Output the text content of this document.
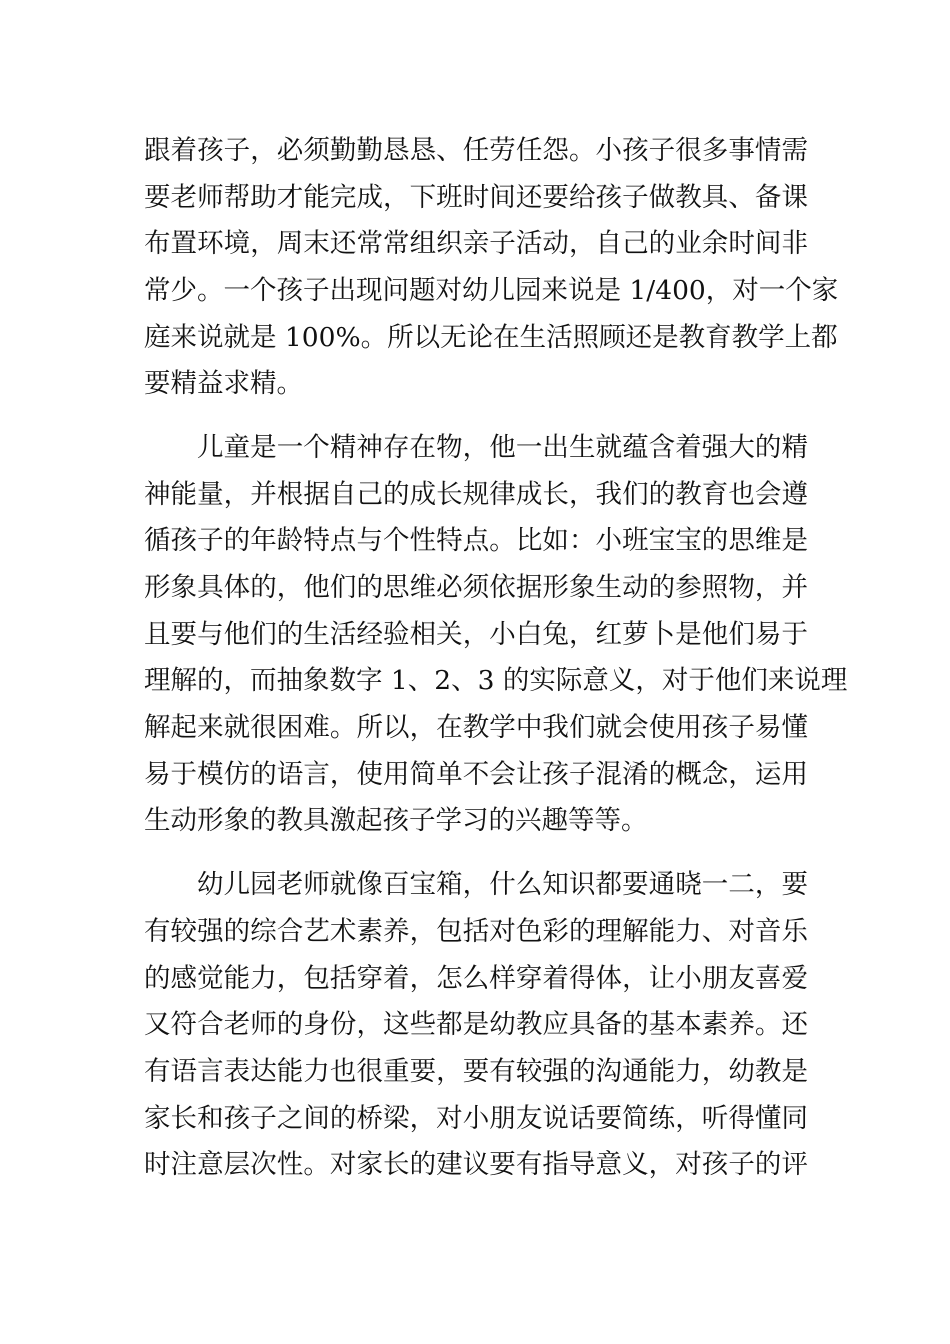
跟着孩子，必须勤勤恳恳、任劳任怨。小孩子很多事情需
要老师帮助才能完成，下班时间还要给孩子做教具、备课
布置环境，周末还常常组织亲子活动，自己的业余时间非
常少。一个孩子出现问题对幼儿园来说是 1/400，对一个家
庭来说就是 100%。所以无论在生活照顾还是教育教学上都
要精益求精。
儿童是一个精神存在物，他一出生就蕴含着强大的精
神能量，并根据自己的成长规律成长，我们的教育也会遵
循孩子的年龄特点与个性特点。比如：小班宝宝的思维是
形象具体的，他们的思维必须依据形象生动的参照物，并
且要与他们的生活经验相关，小白兔，红萝卜是他们易于
理解的，而抽象数字 1、2、3 的实际意义，对于他们来说理
解起来就很困难。所以，在教学中我们就会使用孩子易懂
易于模仿的语言，使用简单不会让孩子混淆的概念，运用
生动形象的教具激起孩子学习的兴趣等等。
幼儿园老师就像百宝箱，什么知识都要通晓一二，要
有较强的综合艺术素养，包括对色彩的理解能力、对音乐
的感觉能力，包括穿着，怎么样穿着得体，让小朋友喜爱
又符合老师的身份，这些都是幼教应具备的基本素养。还
有语言表达能力也很重要，要有较强的沟通能力，幼教是
家长和孩子之间的桥梁，对小朋友说话要简练，听得懂同
时注意层次性。对家长的建议要有指导意义，对孩子的评
